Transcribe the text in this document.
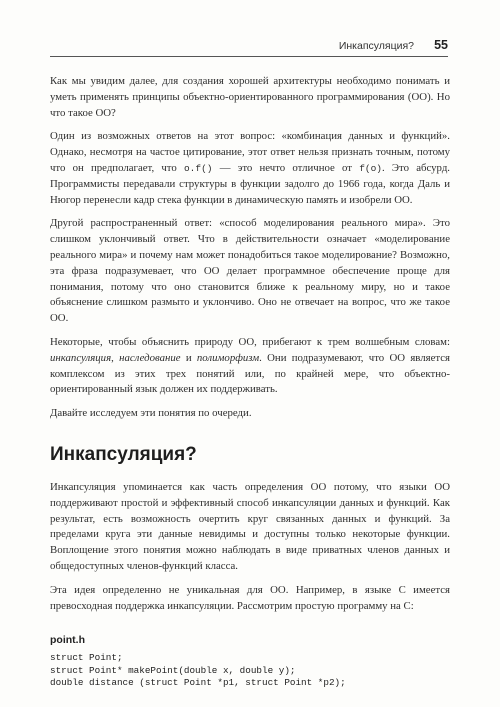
Инкапсуляция? 55

Как мы увидим далее, для создания хорошей архитектуры необходимо понимать и уметь применять принципы объектно-ориентированного программирования (ОО). Но что такое ОО?

Один из возможных ответов на этот вопрос: «комбинация данных и функций». Однако, несмотря на частое цитирование, этот ответ нельзя признать точным, потому что он предполагает, что o.f() — это нечто отличное от f(o). Это абсурд. Программисты передавали структуры в функции задолго до 1966 года, когда Даль и Нюгор перенесли кадр стека функции в динамическую память и изобрели ОО.

Другой распространенный ответ: «способ моделирования реального мира». Это слишком уклончивый ответ. Что в действительности означает «моделирование реального мира» и почему нам может понадобиться такое моделирование? Возможно, эта фраза подразумевает, что ОО делает программное обеспечение проще для понимания, потому что оно становится ближе к реальному миру, но и такое объяснение слишком размыто и уклончиво. Оно не отвечает на вопрос, что же такое ОО.

Некоторые, чтобы объяснить природу ОО, прибегают к трем волшебным словам: инкапсуляция, наследование и полиморфизм. Они подразумевают, что ОО является комплексом из этих трех понятий или, по крайней мере, что объектно-ориентированный язык должен их поддерживать.

Давайте исследуем эти понятия по очереди.

Инкапсуляция?

Инкапсуляция упоминается как часть определения ОО потому, что языки ОО поддерживают простой и эффективный способ инкапсуляции данных и функций. Как результат, есть возможность очертить круг связанных данных и функций. За пределами круга эти данные невидимы и доступны только некоторые функции. Воплощение этого понятия можно наблюдать в виде приватных членов данных и общедоступных членов-функций класса.

Эта идея определенно не уникальная для ОО. Например, в языке C имеется превосходная поддержка инкапсуляции. Рассмотрим простую программу на C:

point.h
struct Point;
struct Point* makePoint(double x, double y);
double distance (struct Point *p1, struct Point *p2);
